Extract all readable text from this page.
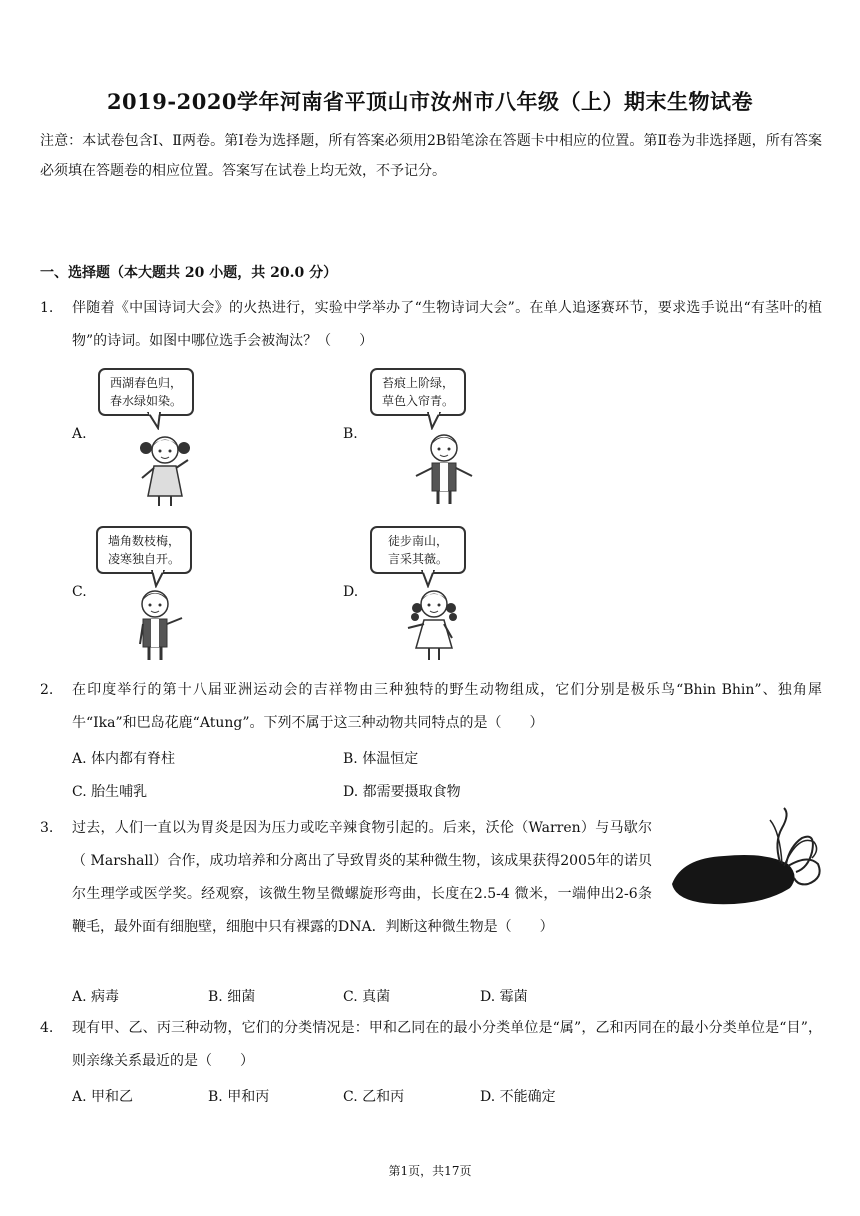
2019-2020学年河南省平顶山市汝州市八年级（上）期末生物试卷
注意：本试卷包含Ⅰ、Ⅱ两卷。第Ⅰ卷为选择题，所有答案必须用2B铅笔涂在答题卡中相应的位置。第Ⅱ卷为非选择题，所有答案必须填在答题卷的相应位置。答案写在试卷上均无效，不予记分。
一、选择题（本大题共 20 小题，共 20.0 分）
1. 伴随着《中国诗词大会》的火热进行，实验中学举办了“生物诗词大会”。在单人追逐赛环节，要求选手说出“有茎叶的植物”的诗词。如图中哪位选手会被淘汰？（　　）
A.
西湖春色归，
春水绿如染。
B.
苔痕上阶绿，
草色入帘青。
C.
墙角数枝梅，
凌寒独自开。
D.
徒步南山，
言采其薇。
2. 在印度举行的第十八届亚洲运动会的吉祥物由三种独特的野生动物组成，它们分别是极乐鸟“Bhin Bhin”、独角犀牛“Ika”和巴岛花鹿“Atung”。下列不属于这三种动物共同特点的是（　　）
A. 体内都有脊柱	B. 体温恒定
C. 胎生哺乳	D. 都需要摄取食物
3. 过去，人们一直以为胃炎是因为压力或吃辛辣食物引起的。后来，沃伦（Warren）与马歇尔（ Marshall）合作，成功培养和分离出了导致胃炎的某种微生物，该成果获得2005年的诺贝尔生理学或医学奖。经观察，该微生物呈微螺旋形弯曲，长度在2.5-4 微米，一端伸出2-6条鞭毛，最外面有细胞壁，细胞中只有裸露的DNA．判断这种微生物是（　　）
A. 病毒	B. 细菌	C. 真菌	D. 霉菌
4. 现有甲、乙、丙三种动物，它们的分类情况是：甲和乙同在的最小分类单位是“属”，乙和丙同在的最小分类单位是“目”，则亲缘关系最近的是（　　）
A. 甲和乙	B. 甲和丙	C. 乙和丙	D. 不能确定
第1页，共17页
